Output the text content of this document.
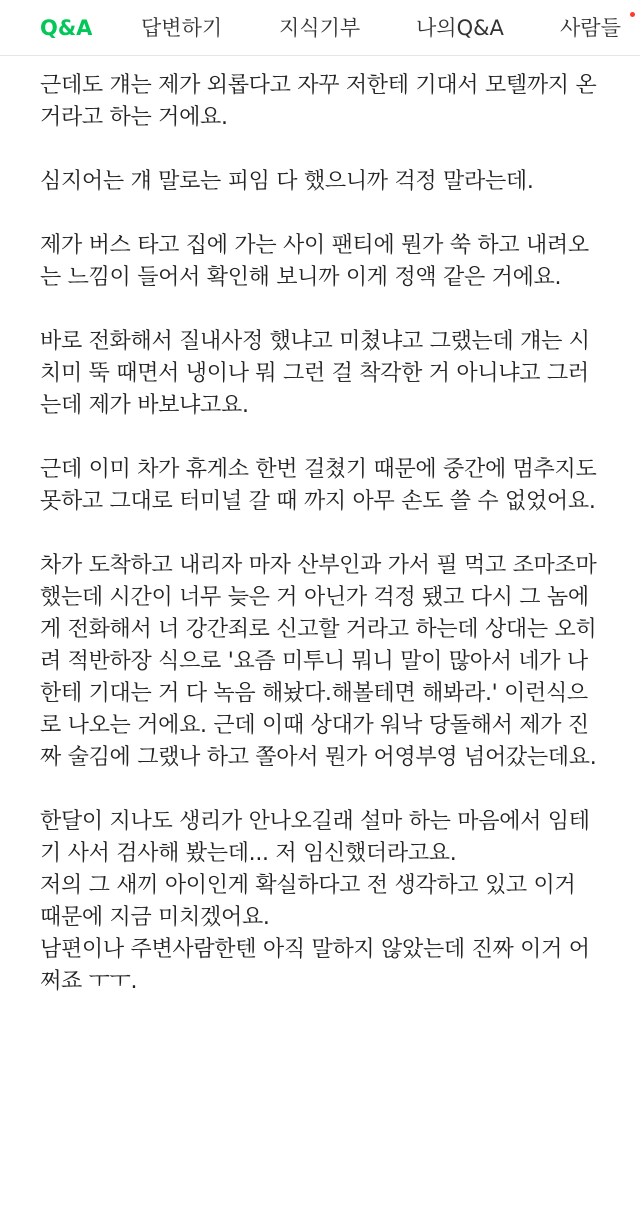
Q&A 답변하기	지식기부	나의Q&A	사람들

근데도 걔는 제가 외롭다고 자꾸 저한테 기대서 모텔까지 온
거라고 하는 거에요.

심지어는 걔 말로는 피임 다 했으니까 걱정 말라는데.

제가 버스 타고 집에 가는 사이 팬티에 뭔가 쑥 하고 내려오
는 느낌이 들어서 확인해 보니까 이게 정액 같은 거에요.

바로 전화해서 질내사정 했냐고 미쳤냐고 그랬는데 걔는 시
치미 뚝 때면서 냉이나 뭐 그런 걸 착각한 거 아니냐고 그러
는데 제가 바보냐고요.

근데 이미 차가 휴게소 한번 걸쳤기 때문에 중간에 멈추지도
못하고 그대로 터미널 갈 때 까지 아무 손도 쓸 수 없었어요.

차가 도착하고 내리자 마자 산부인과 가서 필 먹고 조마조마
했는데 시간이 너무 늦은 거 아닌가 걱정 됐고 다시 그 놈에
게 전화해서 너 강간죄로 신고할 거라고 하는데 상대는 오히
려 적반하장 식으로 '요즘 미투니 뭐니 말이 많아서 네가 나
한테 기대는 거 다 녹음 해놨다.해볼테면 해봐라.' 이런식으
로 나오는 거에요. 근데 이때 상대가 워낙 당돌해서 제가 진
짜 술김에 그랬나 하고 쫄아서 뭔가 어영부영 넘어갔는데요.

한달이 지나도 생리가 안나오길래 설마 하는 마음에서 임테
기 사서 검사해 봤는데... 저 임신했더라고요.
저의 그 새끼 아이인게 확실하다고 전 생각하고 있고 이거
때문에 지금 미치겠어요.
남편이나 주변사람한텐 아직 말하지 않았는데 진짜 이거 어
쩌죠 ㅜㅜ.
